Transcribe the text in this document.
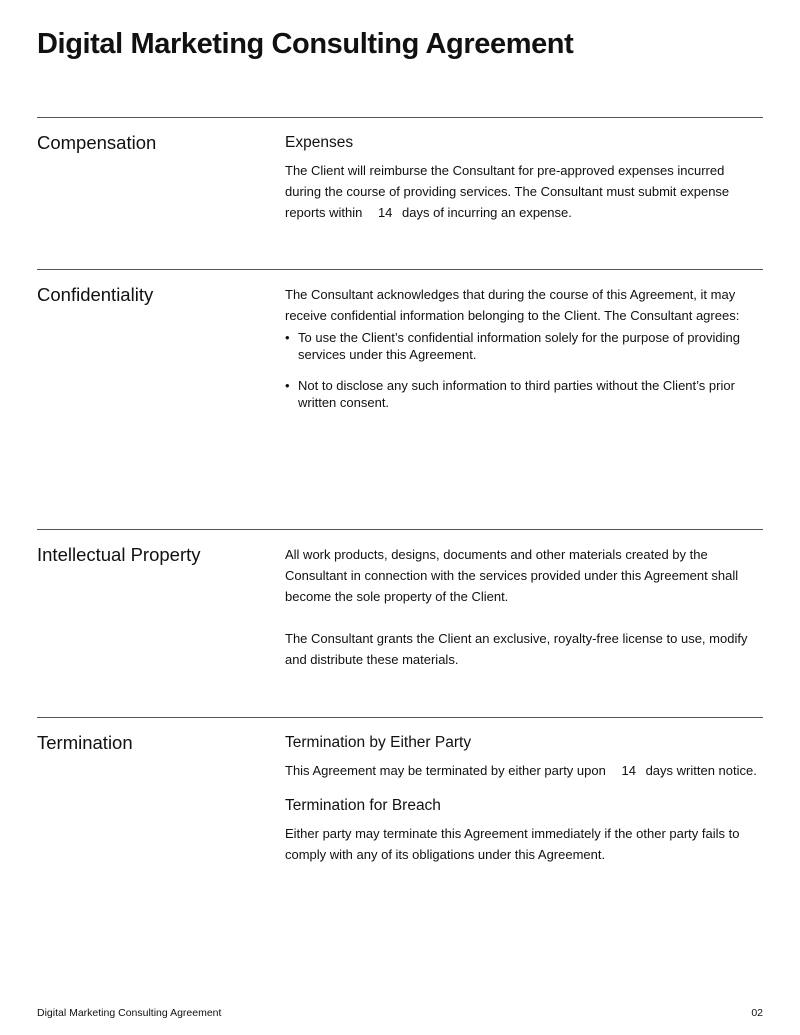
Digital Marketing Consulting Agreement
Compensation	Expenses

The Client will reimburse the Consultant for pre-approved expenses incurred during the course of providing services. The Consultant must submit expense reports within 14 days of incurring an expense.

Confidentiality	The Consultant acknowledges that during the course of this Agreement, it may receive confidential information belonging to the Client. The Consultant agrees:

• To use the Client’s confidential information solely for the purpose of providing services under this Agreement.
• Not to disclose any such information to third parties without the Client’s prior written consent.
Intellectual Property	All work products, designs, documents and other materials created by the Consultant in connection with the services provided under this Agreement shall become the sole property of the Client.

The Consultant grants the Client an exclusive, royalty-free license to use, modify and distribute these materials.

Termination	Termination by Either Party

This Agreement may be terminated by either party upon 14 days written notice.

Termination for Breach

Either party may terminate this Agreement immediately if the other party fails to comply with any of its obligations under this Agreement.

Digital Marketing Consulting Agreement	02
